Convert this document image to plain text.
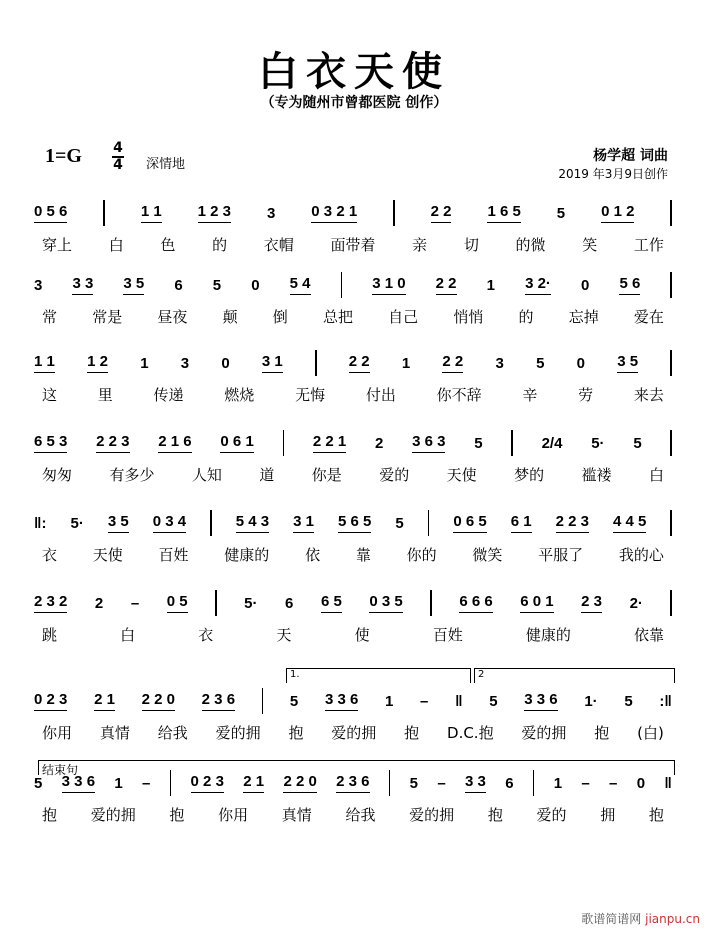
白衣天使
（专为随州市曾都医院 创作）
1=G 4
4 深情地
杨学超 词曲
2019 年3月9日创作
1.	2
结束句
0 5 6	1 1 1 2 3 3 0 3 2 1	2 2 1 6 5 5 0 1 2
穿上 白 色 的 衣帽 面带着 亲 切 的微 笑 工作
3 3 3 3 5 6 5 0 5 4	3 1 0 2 2 1 3 2· 0 5 6
常 常是 昼夜 颠 倒 总把 自己 悄悄 的 忘掉 爱在
1 1 1 2 1 3 0 3 1	2 2 1 2 2 3 5 0 3 5
这	里	传递	燃烧	无悔	付出	你不辞	辛	劳	来去
6 5 3 2 2 3 2 1 6 0 6 1	2 2 1 2 3 6 3 5	2/4 5· 5
匆匆 有多少 人知 道 你是 爱的 天使 梦的 褴褛 白
‖: 5· 3 5 0 3 4	5 4 3 3 1 5 6 5 5	0 6 5 6 1 2 2 3 4 4 5
衣 天使 百姓 健康的 依 靠 你的 微笑 平服了 我的心
2 3 2 2 – 0 5	5· 6 6 5 0 3 5	6 6 6 6 0 1 2 3 2·
跳	白	衣	天	使	百姓	健康的	依靠
0 2 3 2 1 2 2 0 2 3 6	5 3 3 6 1 – ‖ 5 3 3 6 1· 5 :‖
你用 真情 给我 爱的拥 抱 爱的拥 抱 D.C.抱 爱的拥 抱 (白)
5 3 3 6 1 –	0 2 3 2 1 2 2 0 2 3 6	5 – 3 3 6	1 – – 0 ‖
抱 爱的拥 抱 你用 真情 给我 爱的拥 抱 爱的 拥 抱
歌谱简谱网 jianpu.cn
